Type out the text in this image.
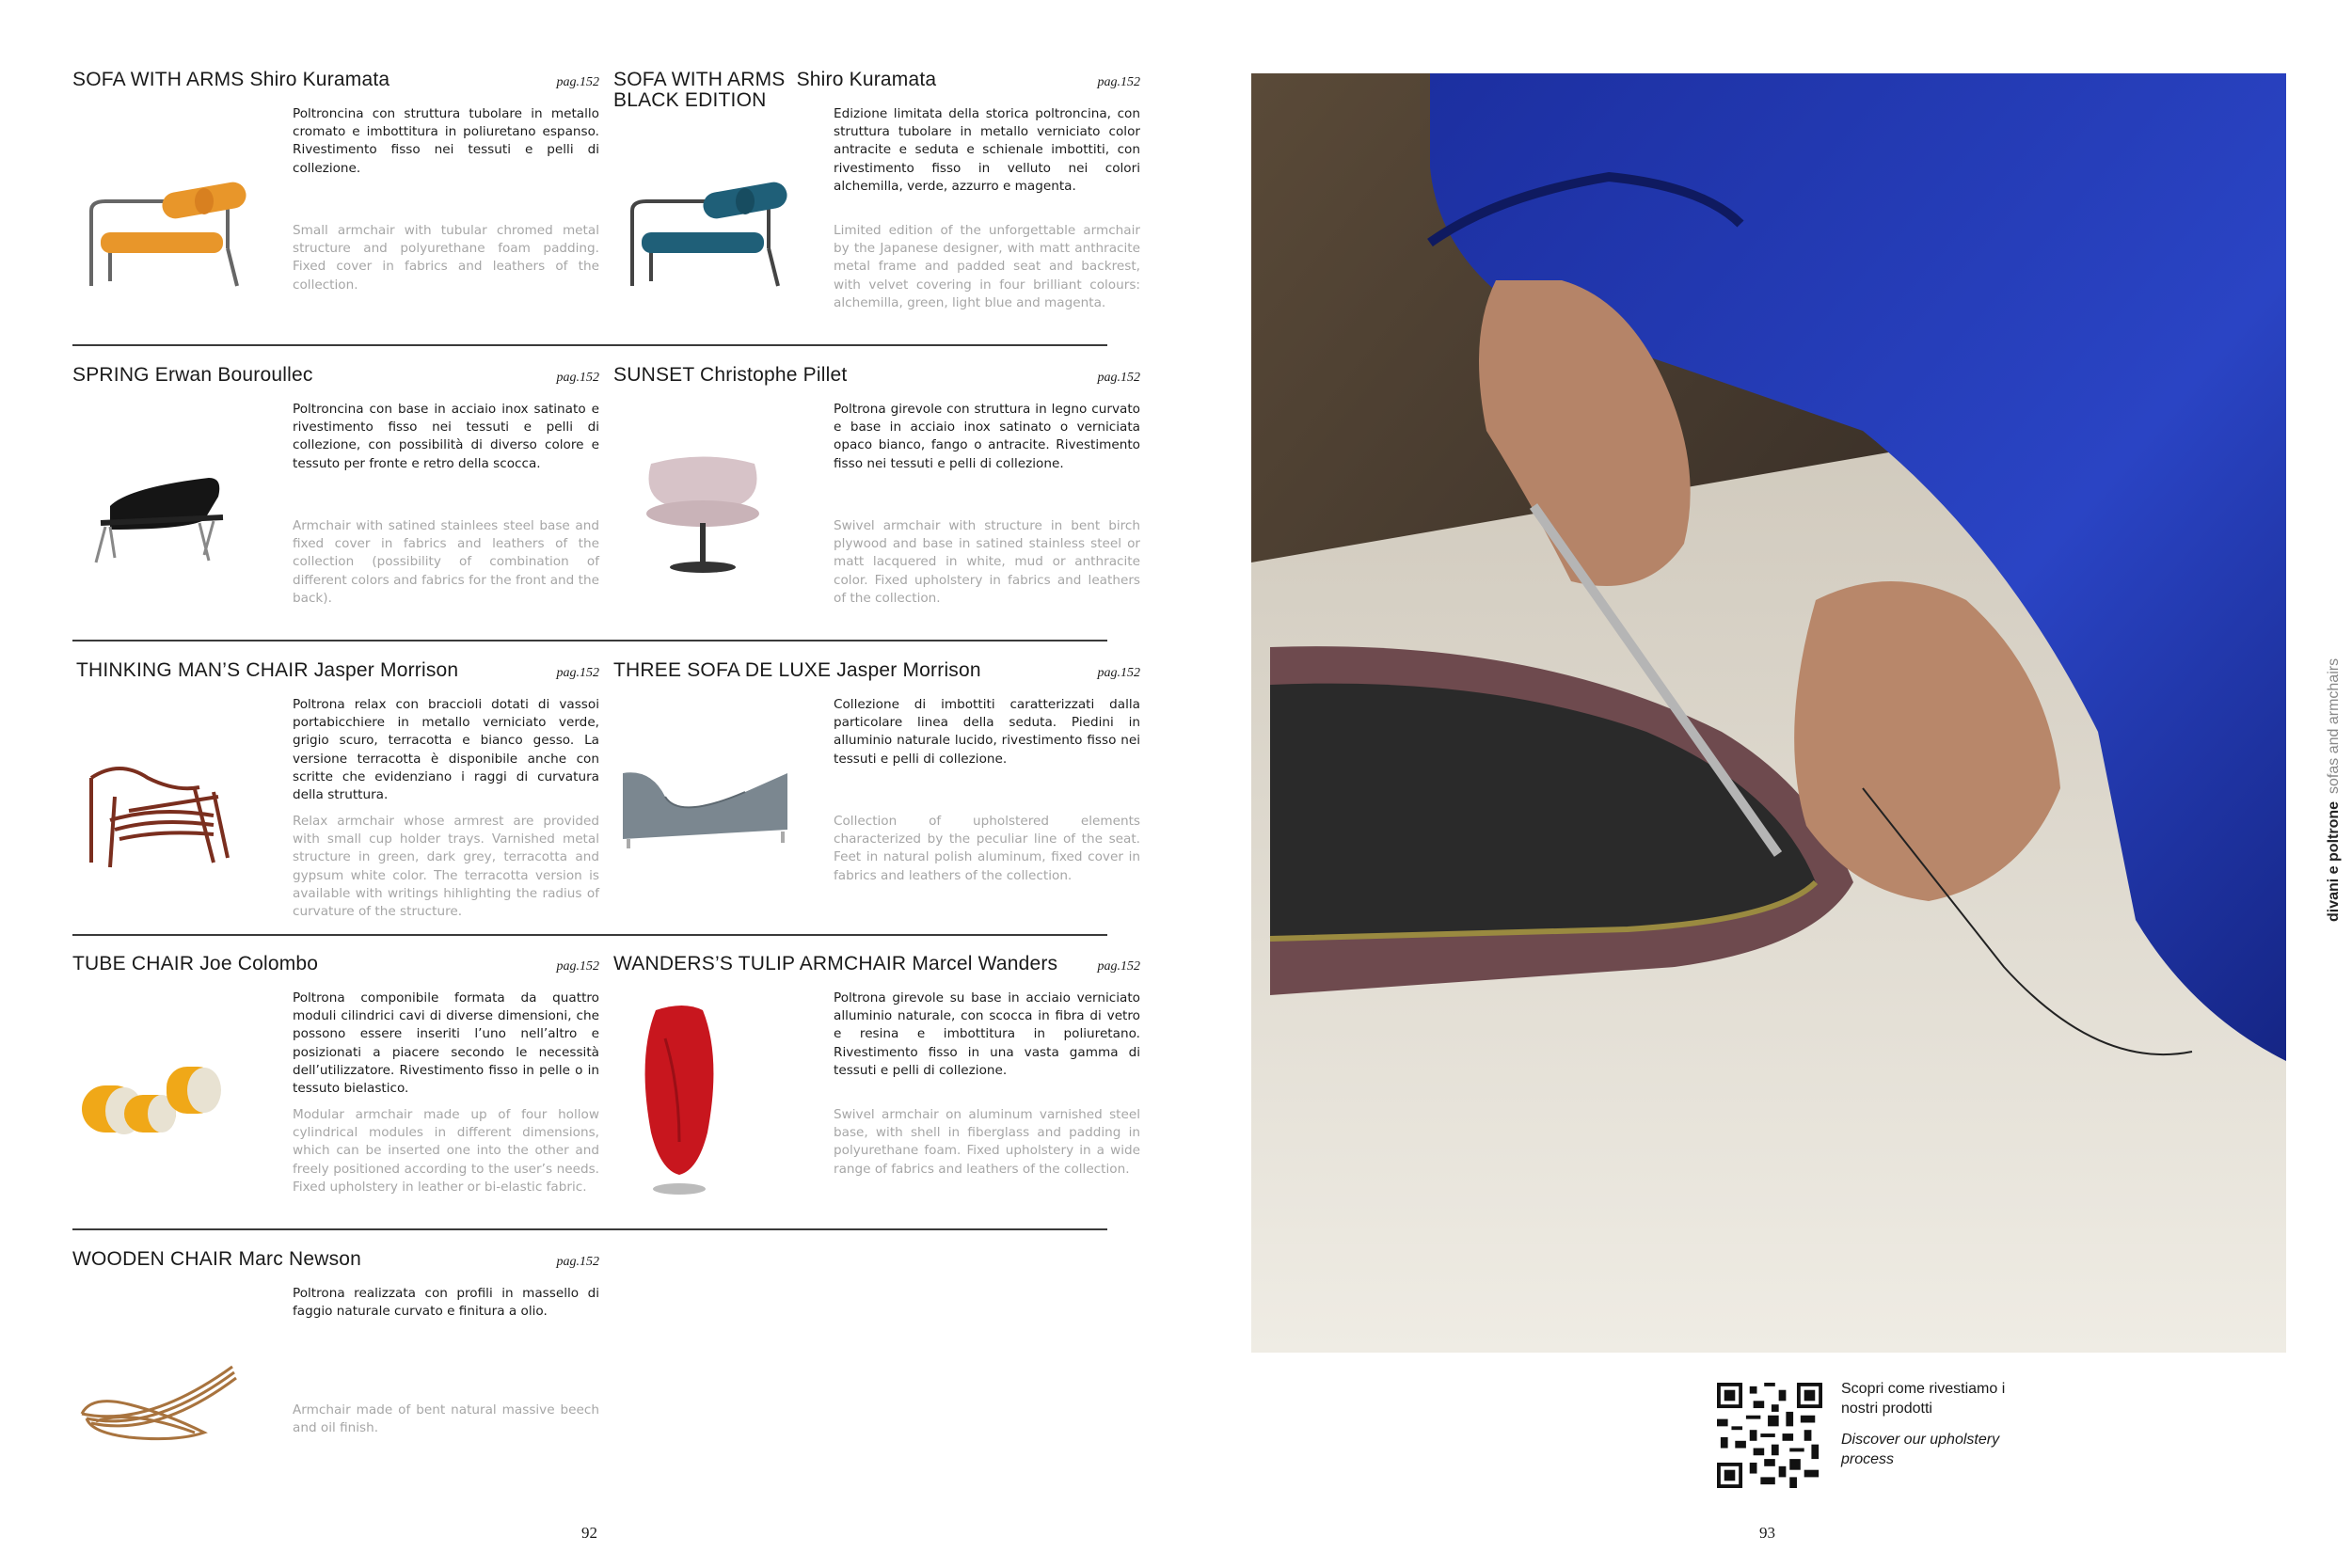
SOFA WITH ARMS Shiro Kuramata	pag.152
Poltroncina con struttura tubolare in metallo cromato e imbottitura in poliuretano espanso. Rivestimento fisso nei tessuti e pelli di collezione.
Small armchair with tubular chromed metal structure and polyurethane foam padding. Fixed cover in fabrics and leathers of the collection.
SOFA WITH ARMS Shiro Kuramata
BLACK EDITION
pag.152
Edizione limitata della storica poltroncina, con struttura tubolare in metallo verniciato color antracite e seduta e schienale imbottiti, con rivestimento fisso in velluto nei colori alchemilla, verde, azzurro e magenta.
Limited edition of the unforgettable armchair by the Japanese designer, with matt anthracite metal frame and padded seat and backrest, with velvet covering in four brilliant colours: alchemilla, green, light blue and magenta.
SPRING Erwan Bouroullec	pag.152
Poltroncina con base in acciaio inox satinato e rivestimento fisso nei tessuti e pelli di collezione, con possibilità di diverso colore e tessuto per fronte e retro della scocca.
Armchair with satined stainlees steel base and fixed cover in fabrics and leathers of the collection (possibility of combination of different colors and fabrics for the front and the back).
SUNSET Christophe Pillet	pag.152
Poltrona girevole con struttura in legno curvato e base in acciaio inox satinato o verniciata opaco bianco, fango o antracite. Rivestimento fisso nei tessuti e pelli di collezione.
Swivel armchair with structure in bent birch plywood and base in satined stainless steel or matt lacquered in white, mud or anthracite color. Fixed upholstery in fabrics and leathers of the collection.
THINKING MAN’S CHAIR Jasper Morrison	pag.152
Poltrona relax con braccioli dotati di vassoi portabicchiere in metallo verniciato verde, grigio scuro, terracotta e bianco gesso. La versione terracotta è disponibile anche con scritte che evidenziano i raggi di curvatura della struttura.
Relax armchair whose armrest are provided with small cup holder trays. Varnished metal structure in green, dark grey, terracotta and gypsum white color. The terracotta version is available with writings hihlighting the radius of curvature of the structure.
THREE SOFA DE LUXE Jasper Morrison	pag.152
Collezione di imbottiti caratterizzati dalla particolare linea della seduta. Piedini in alluminio naturale lucido, rivestimento fisso nei tessuti e pelli di collezione.
Collection of upholstered elements characterized by the peculiar line of the seat. Feet in natural polish aluminum, fixed cover in fabrics and leathers of the collection.
TUBE CHAIR Joe Colombo	pag.152
Poltrona componibile formata da quattro moduli cilindrici cavi di diverse dimensioni, che possono essere inseriti l’uno nell’altro e posizionati a piacere secondo le necessità dell’utilizzatore. Rivestimento fisso in pelle o in tessuto bielastico.
Modular armchair made up of four hollow cylindrical modules in different dimensions, which can be inserted one into the other and freely positioned according to the user’s needs. Fixed upholstery in leather or bi-elastic fabric.
WANDERS’S TULIP ARMCHAIR Marcel Wanders	pag.152
Poltrona girevole su base in acciaio verniciato alluminio naturale, con scocca in fibra di vetro e resina e imbottitura in poliuretano. Rivestimento fisso in una vasta gamma di tessuti e pelli di collezione.
Swivel armchair on aluminum varnished steel base, with shell in fiberglass and padding in polyurethane foam. Fixed upholstery in a wide range of fabrics and leathers of the collection.
WOODEN CHAIR Marc Newson	pag.152
Poltrona realizzata con profili in massello di faggio naturale curvato e finitura a olio.
Armchair made of bent natural massive beech and oil finish.
92
divani e poltronesofas and armchairs
Scopri come rivestiamo i nostri prodotti
Discover our upholstery process
93
